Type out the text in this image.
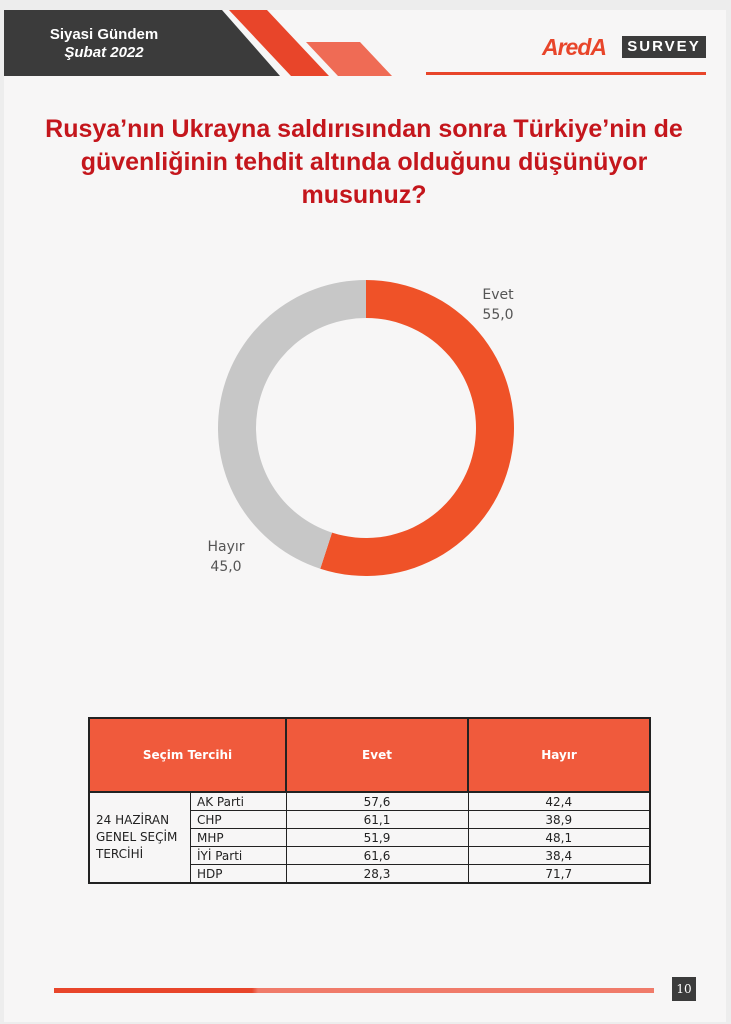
Siyasi Gündem
Şubat 2022	AredA	SURVEY
Rusya’nın Ukrayna saldırısından sonra Türkiye’nin de güvenliğinin tehdit altında olduğunu düşünüyor musunuz?
Evet
55,0
Hayır
45,0
Seçim Tercihi		Evet	Hayır
24 HAZİRAN GENEL SEÇİM TERCİHİ	AK Parti	57,6	42,4
	CHP	61,1	38,9
	MHP	51,9	48,1
	İYİ Parti	61,6	38,4
	HDP	28,3	71,7
10
